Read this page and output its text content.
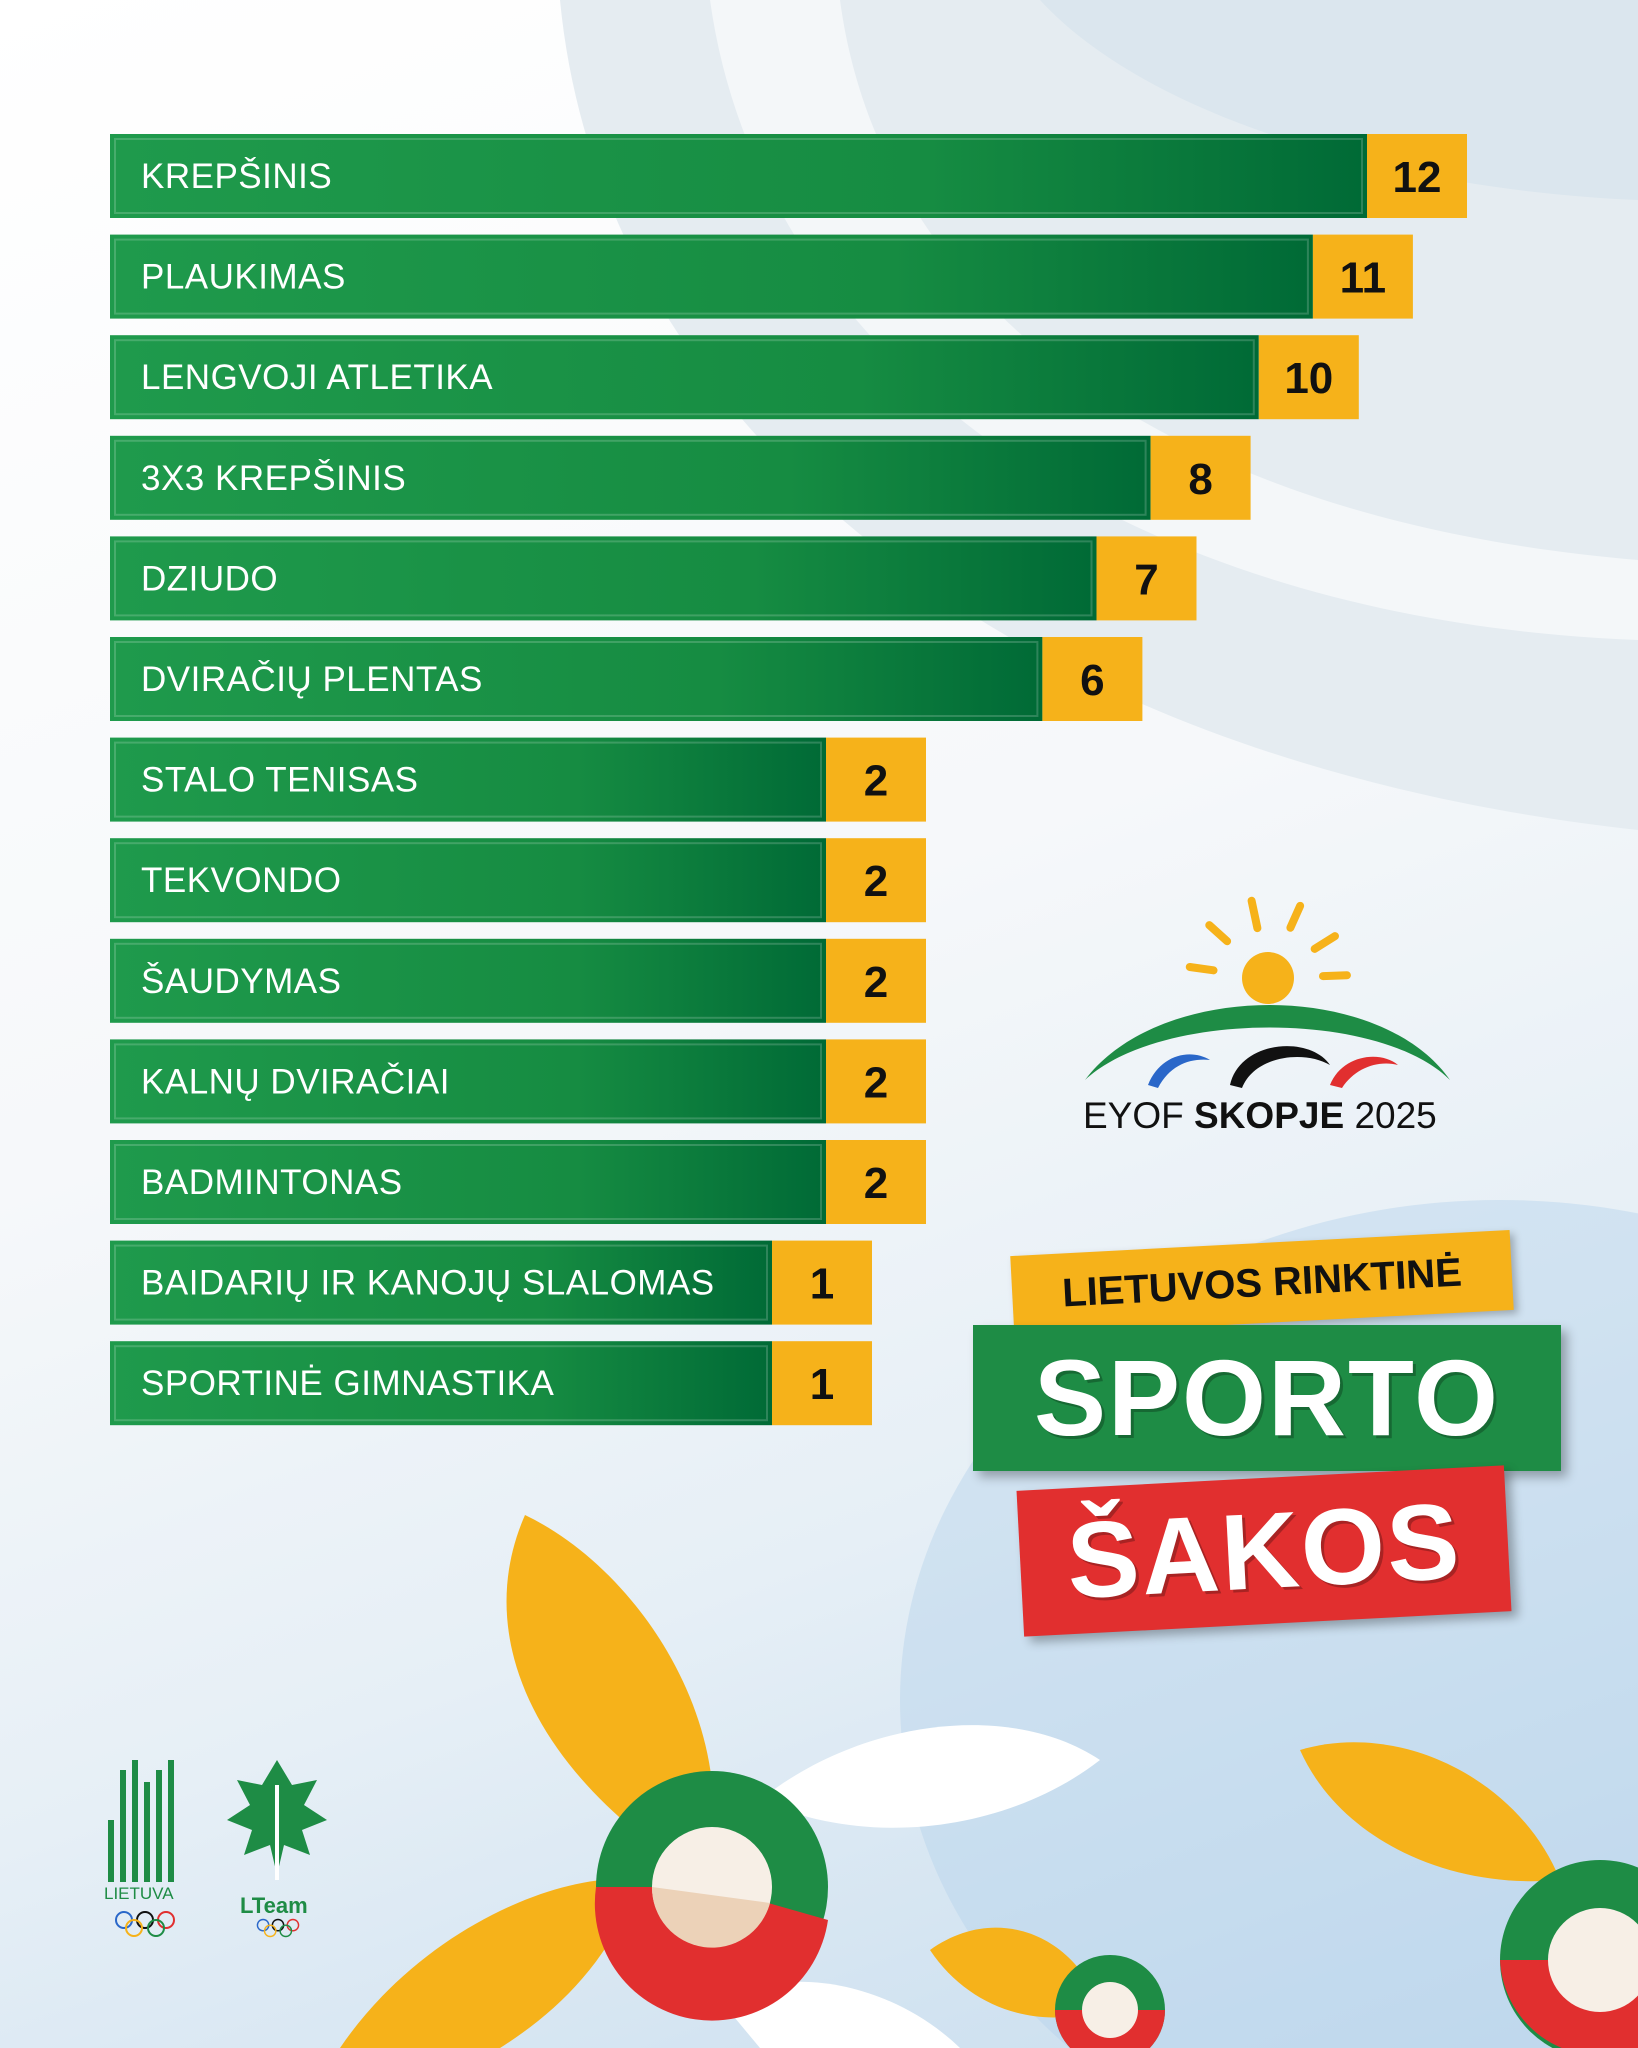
KREPŠINIS	12
PLAUKIMAS	11
LENGVOJI ATLETIKA	10
3X3 KREPŠINIS	8
DZIUDO	7
DVIRAČIŲ PLENTAS	6
STALO TENISAS	2
TEKVONDO	2
ŠAUDYMAS	2
KALNŲ DVIRAČIAI	2
BADMINTONAS	2
BAIDARIŲ IR KANOJŲ SLALOMAS 1
SPORTINĖ GIMNASTIKA	1
EYOF SKOPJE 2025
LIETUVOS RINKTINĖ
SPORTO
ŠAKOS
LIETUVA	LTeam
